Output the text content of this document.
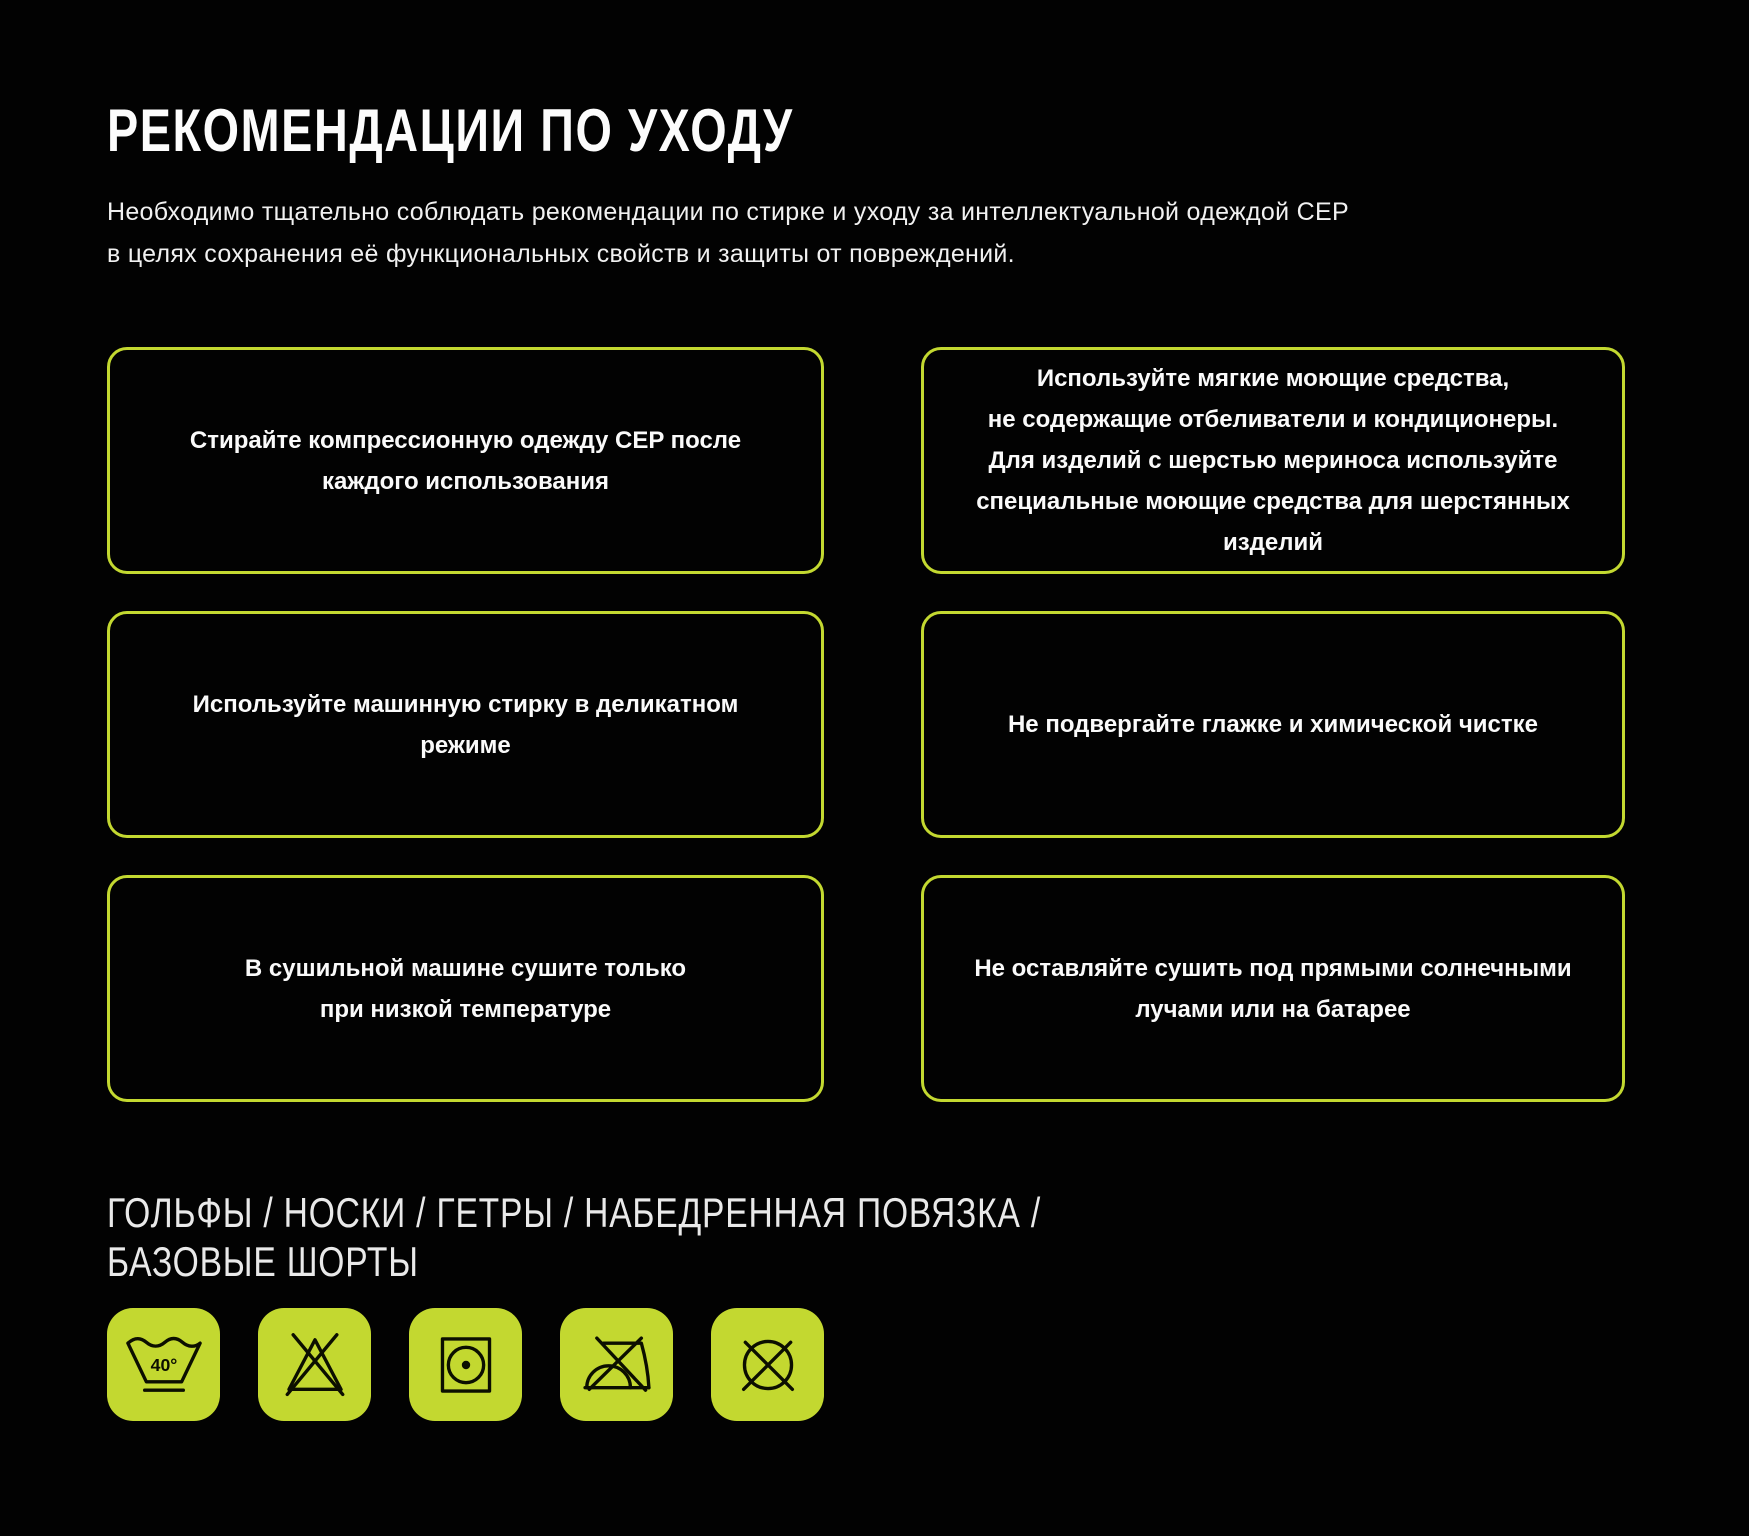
РЕКОМЕНДАЦИИ ПО УХОДУ
Необходимо тщательно соблюдать рекомендации по стирке и уходу за интеллектуальной одеждой CEP
в целях сохранения её функциональных свойств и защиты от повреждений.
Стирайте компрессионную одежду CEP после
каждого использования
Используйте мягкие моющие средства,
не содержащие отбеливатели и кондиционеры.
Для изделий с шерстью мериноса используйте
специальные моющие средства для шерстянных
изделий
Используйте машинную стирку в деликатном
режиме
Не подвергайте глажке и химической чистке
В сушильной машине сушите только
при низкой температуре
Не оставляйте сушить под прямыми солнечными
лучами или на батарее
ГОЛЬФЫ / НОСКИ / ГЕТРЫ / НАБЕДРЕННАЯ ПОВЯЗКА /
БАЗОВЫЕ ШОРТЫ
40°
